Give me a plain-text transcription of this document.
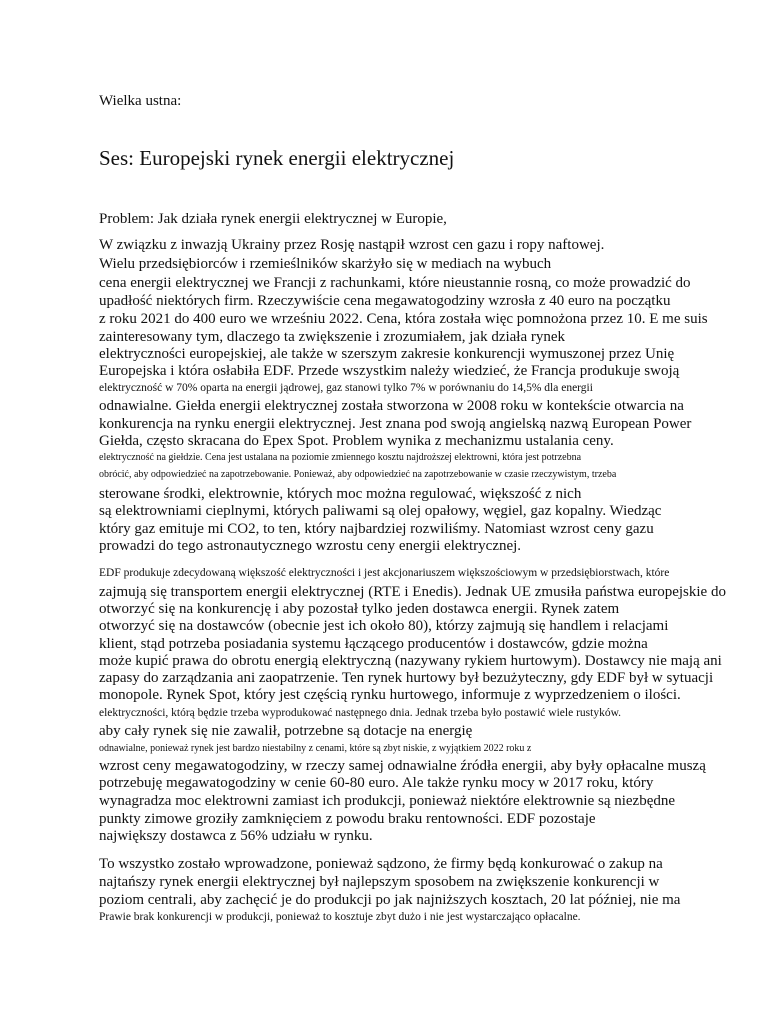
Wielka ustna:

Ses: Europejski rynek energii elektrycznej

Problem: Jak działa rynek energii elektrycznej w Europie,

W związku z inwazją Ukrainy przez Rosję nastąpił wzrost cen gazu i ropy naftowej.

Wielu przedsiębiorców i rzemieślników skarżyło się w mediach na wybuch

cena energii elektrycznej we Francji z rachunkami, które nieustannie rosną, co może prowadzić do

upadłość niektórych firm. Rzeczywiście cena megawatogodziny wzrosła z 40 euro na początku

z roku 2021 do 400 euro we wrześniu 2022. Cena, która została więc pomnożona przez 10. E me suis

zainteresowany tym, dlaczego ta zwiększenie i zrozumiałem, jak działa rynek

elektryczności europejskiej, ale także w szerszym zakresie konkurencji wymuszonej przez Unię

Europejska i która osłabiła EDF. Przede wszystkim należy wiedzieć, że Francja produkuje swoją

elektryczność w 70% oparta na energii jądrowej, gaz stanowi tylko 7% w porównaniu do 14,5% dla energii

odnawialne. Giełda energii elektrycznej została stworzona w 2008 roku w kontekście otwarcia na

konkurencja na rynku energii elektrycznej. Jest znana pod swoją angielską nazwą European Power

Giełda, często skracana do Epex Spot. Problem wynika z mechanizmu ustalania ceny.

elektryczność na giełdzie. Cena jest ustalana na poziomie zmiennego kosztu najdroższej elektrowni, która jest potrzebna

obrócić, aby odpowiedzieć na zapotrzebowanie. Ponieważ, aby odpowiedzieć na zapotrzebowanie w czasie rzeczywistym, trzeba

sterowane środki, elektrownie, których moc można regulować, większość z nich

są elektrowniami cieplnymi, których paliwami są olej opałowy, węgiel, gaz kopalny. Wiedząc

który gaz emituje mi CO2, to ten, który najbardziej rozwiliśmy. Natomiast wzrost ceny gazu

prowadzi do tego astronautycznego wzrostu ceny energii elektrycznej.

EDF produkuje zdecydowaną większość elektryczności i jest akcjonariuszem większościowym w przedsiębiorstwach, które

zajmują się transportem energii elektrycznej (RTE i Enedis). Jednak UE zmusiła państwa europejskie do

otworzyć się na konkurencję i aby pozostał tylko jeden dostawca energii. Rynek zatem

otworzyć się na dostawców (obecnie jest ich około 80), którzy zajmują się handlem i relacjami

klient, stąd potrzeba posiadania systemu łączącego producentów i dostawców, gdzie można

może kupić prawa do obrotu energią elektryczną (nazywany rykiem hurtowym). Dostawcy nie mają ani

zapasy do zarządzania ani zaopatrzenie. Ten rynek hurtowy był bezużyteczny, gdy EDF był w sytuacji

monopole. Rynek Spot, który jest częścią rynku hurtowego, informuje z wyprzedzeniem o ilości.

elektryczności, którą będzie trzeba wyprodukować następnego dnia. Jednak trzeba było postawić wiele rustyków.

aby cały rynek się nie zawalił, potrzebne są dotacje na energię

odnawialne, ponieważ rynek jest bardzo niestabilny z cenami, które są zbyt niskie, z wyjątkiem 2022 roku z

wzrost ceny megawatogodziny, w rzeczy samej odnawialne źródła energii, aby były opłacalne muszą

potrzebuję megawatogodziny w cenie 60-80 euro. Ale także rynku mocy w 2017 roku, który

wynagradza moc elektrowni zamiast ich produkcji, ponieważ niektóre elektrownie są niezbędne

punkty zimowe groziły zamknięciem z powodu braku rentowności. EDF pozostaje

największy dostawca z 56% udziału w rynku.

To wszystko zostało wprowadzone, ponieważ sądzono, że firmy będą konkurować o zakup na

najtańszy rynek energii elektrycznej był najlepszym sposobem na zwiększenie konkurencji w

poziom centrali, aby zachęcić je do produkcji po jak najniższych kosztach, 20 lat później, nie ma

Prawie brak konkurencji w produkcji, ponieważ to kosztuje zbyt dużo i nie jest wystarczająco opłacalne.
